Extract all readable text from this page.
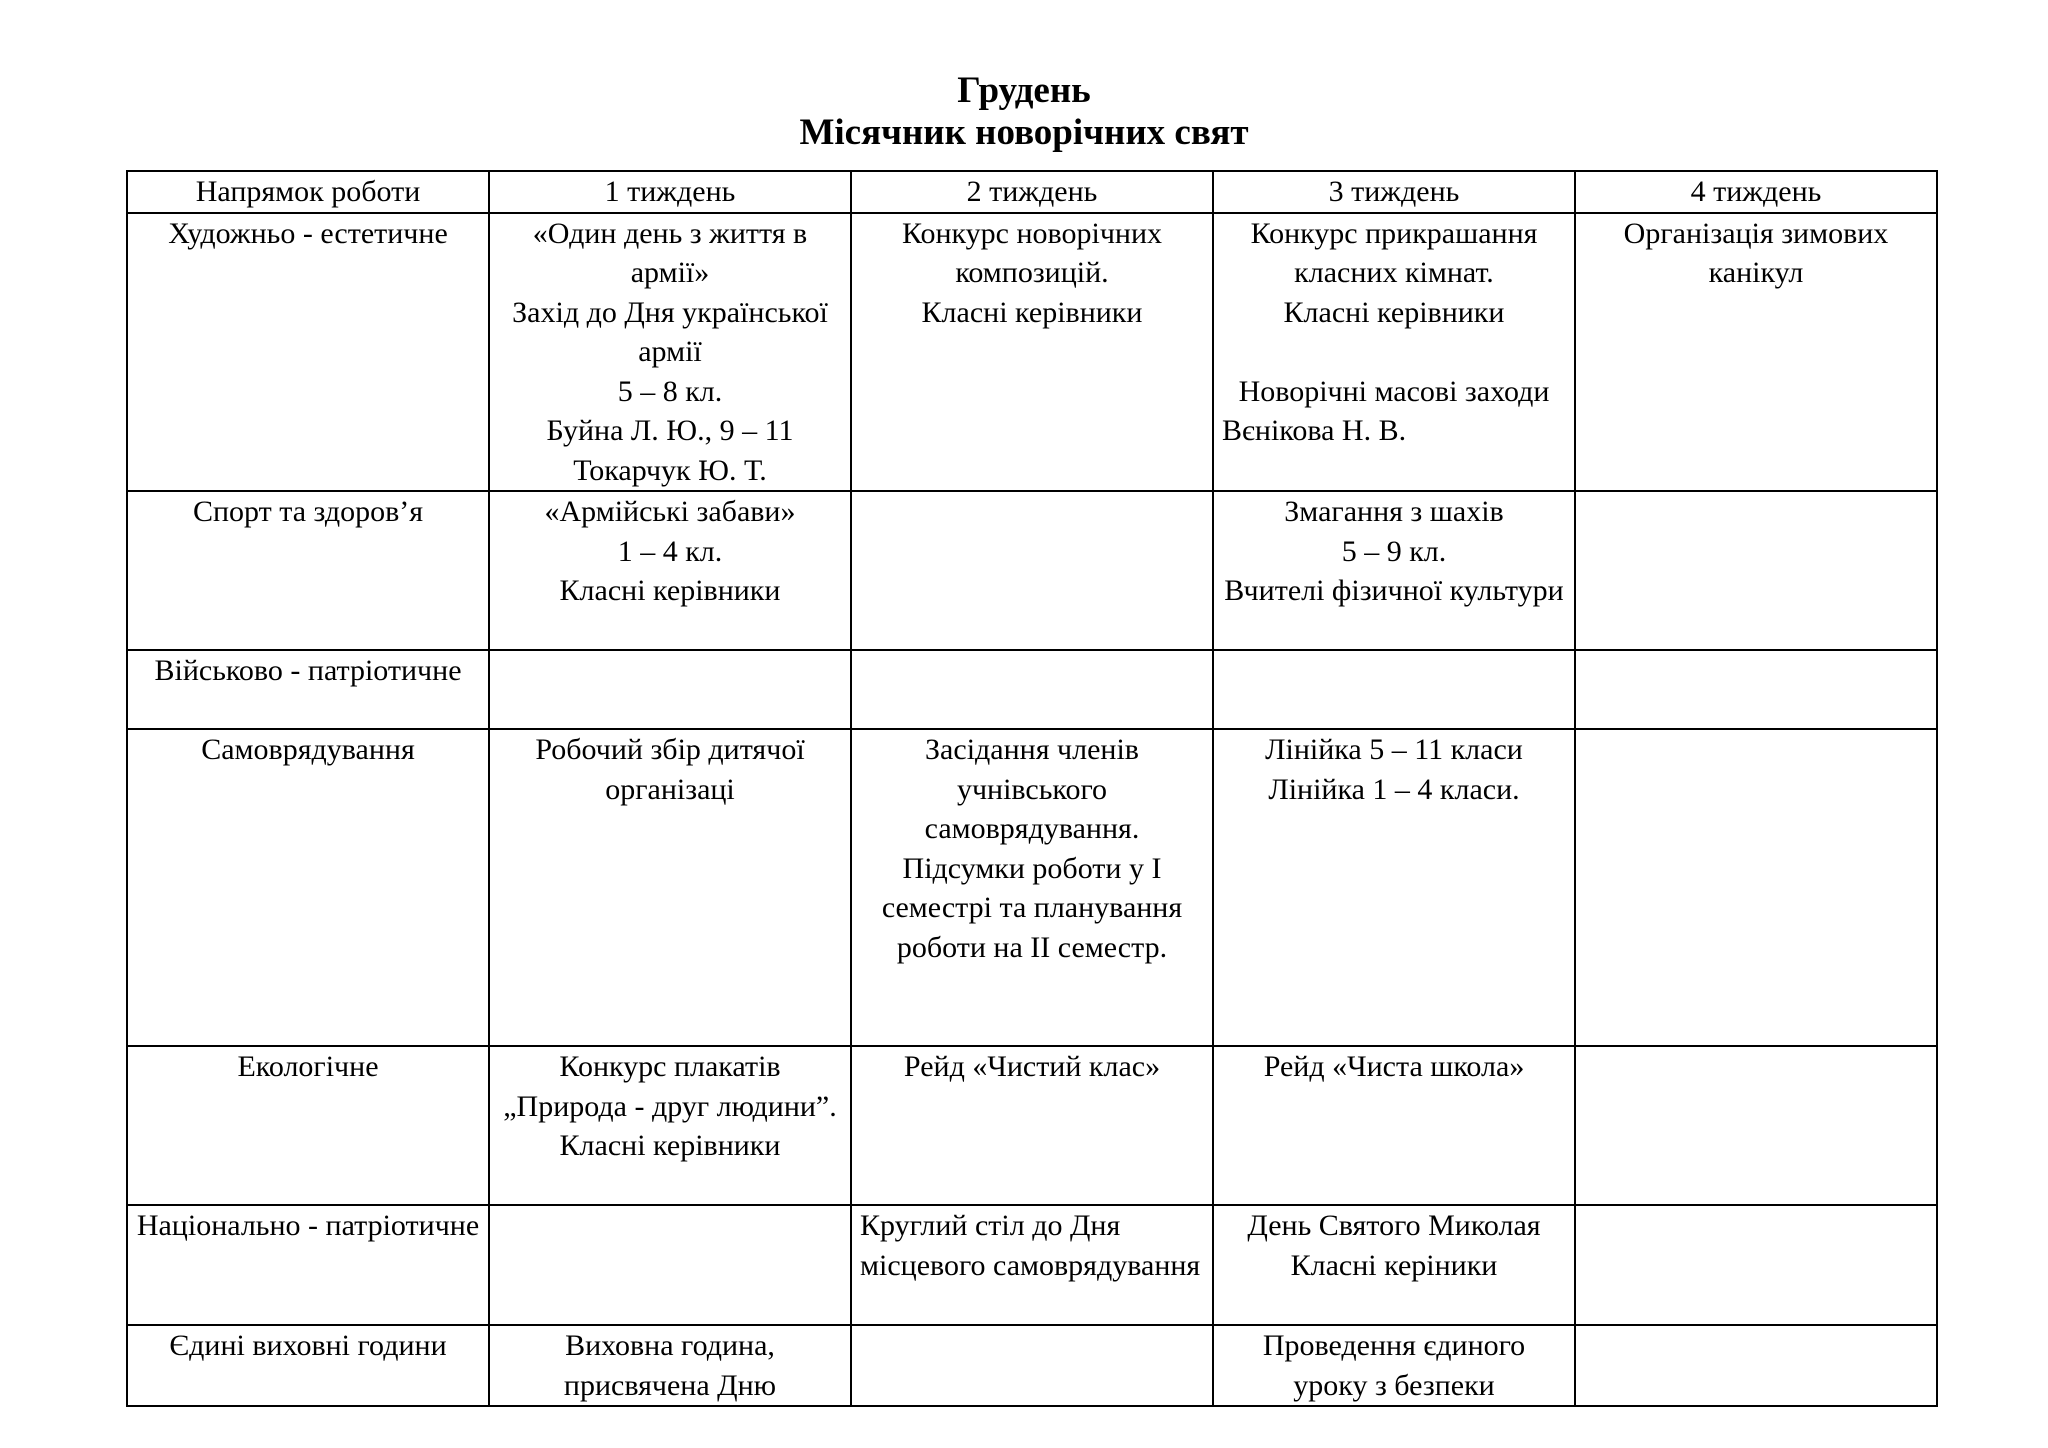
Грудень
Місячник новорічних свят
Напрямок роботи	1 тиждень	2 тиждень	3 тиждень	4 тиждень
Художньо - естетичне	«Один день з життя в армії»
Захід до Дня української армії
5 – 8 кл.
Буйна Л. Ю., 9 – 11
Токарчук Ю. Т.	Конкурс новорічних композицій.
Класні керівники	Конкурс прикрашання класних кімнат.
Класні керівники

Новорічні масові заходи

Вєнікова Н. В.	Організація зимових канікул
Спорт та здоров’я	«Армійські забави»
1 – 4 кл.
Класні керівники		Змагання з шахів
5 – 9 кл.
Вчителі фізичної культури	
Військово - патріотичне				
Самоврядування	Робочий збір дитячої організаці	Засідання членів учнівського самоврядування.
Підсумки роботи у І семестрі та планування роботи на ІІ семестр.	Лінійка 5 – 11 класи
Лінійка 1 – 4 класи.	
Екологічне	Конкурс плакатів „Природа - друг людини”.
Класні керівники	Рейд «Чистий клас»	Рейд «Чиста школа»	
Національно - патріотичне		Круглий стіл до Дня місцевого самоврядування	День Святого Миколая
Класні керіники	
Єдині виховні години	Виховна година, присвячена Дню		Проведення єдиного уроку з безпеки	
